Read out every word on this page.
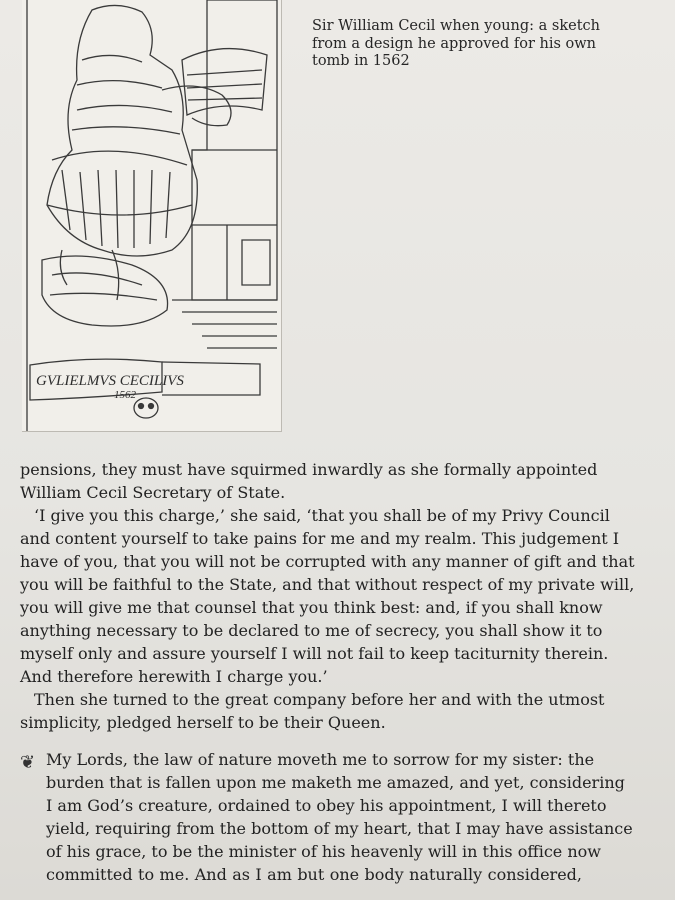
GVLIELMVS CECILIVS
1562
Sir William Cecil when young: a sketch
from a design he approved for his own
tomb in 1562
pensions, they must have squirmed inwardly as she formally appointed
William Cecil Secretary of State.
‘I give you this charge,’ she said, ‘that you shall be of my Privy Council
and content yourself to take pains for me and my realm. This judgement I
have of you, that you will not be corrupted with any manner of gift and that
you will be faithful to the State, and that without respect of my private will,
you will give me that counsel that you think best: and, if you shall know
anything necessary to be declared to me of secrecy, you shall show it to
myself only and assure yourself I will not fail to keep taciturnity therein.
And therefore herewith I charge you.’
Then she turned to the great company before her and with the utmost
simplicity, pledged herself to be their Queen.
❦ My Lords, the law of nature moveth me to sorrow for my sister: the
burden that is fallen upon me maketh me amazed, and yet, considering
I am God’s creature, ordained to obey his appointment, I will thereto
yield, requiring from the bottom of my heart, that I may have assistance
of his grace, to be the minister of his heavenly will in this office now
committed to me. And as I am but one body naturally considered,
